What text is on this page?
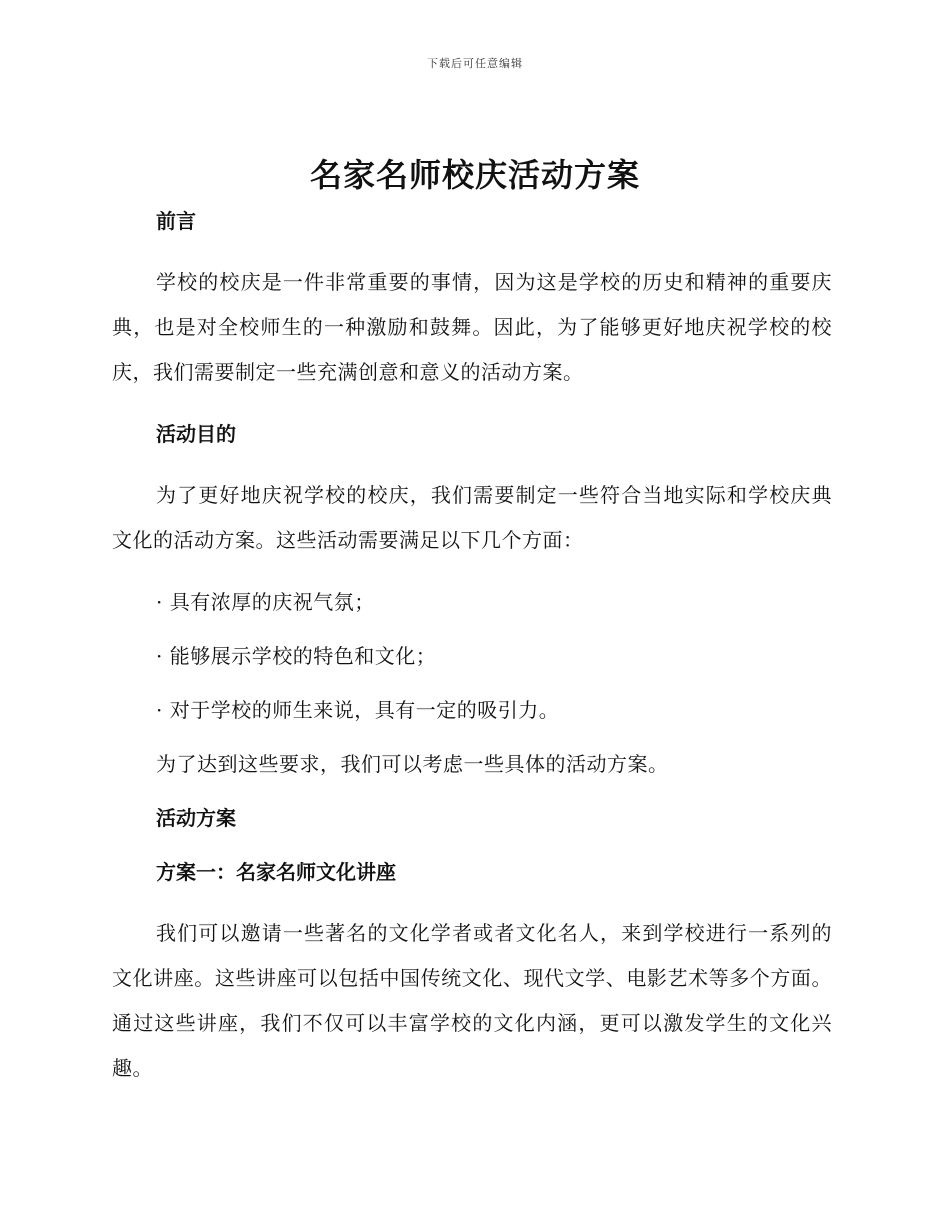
下载后可任意编辑
名家名师校庆活动方案

前言

学校的校庆是一件非常重要的事情，因为这是学校的历史和精神的重要庆典，也是对全校师生的一种激励和鼓舞。因此，为了能够更好地庆祝学校的校庆，我们需要制定一些充满创意和意义的活动方案。

活动目的

为了更好地庆祝学校的校庆，我们需要制定一些符合当地实际和学校庆典文化的活动方案。这些活动需要满足以下几个方面：

· 具有浓厚的庆祝气氛；

· 能够展示学校的特色和文化；

· 对于学校的师生来说，具有一定的吸引力。

为了达到这些要求，我们可以考虑一些具体的活动方案。

活动方案

方案一：名家名师文化讲座

我们可以邀请一些著名的文化学者或者文化名人，来到学校进行一系列的文化讲座。这些讲座可以包括中国传统文化、现代文学、电影艺术等多个方面。通过这些讲座，我们不仅可以丰富学校的文化内涵，更可以激发学生的文化兴趣。
